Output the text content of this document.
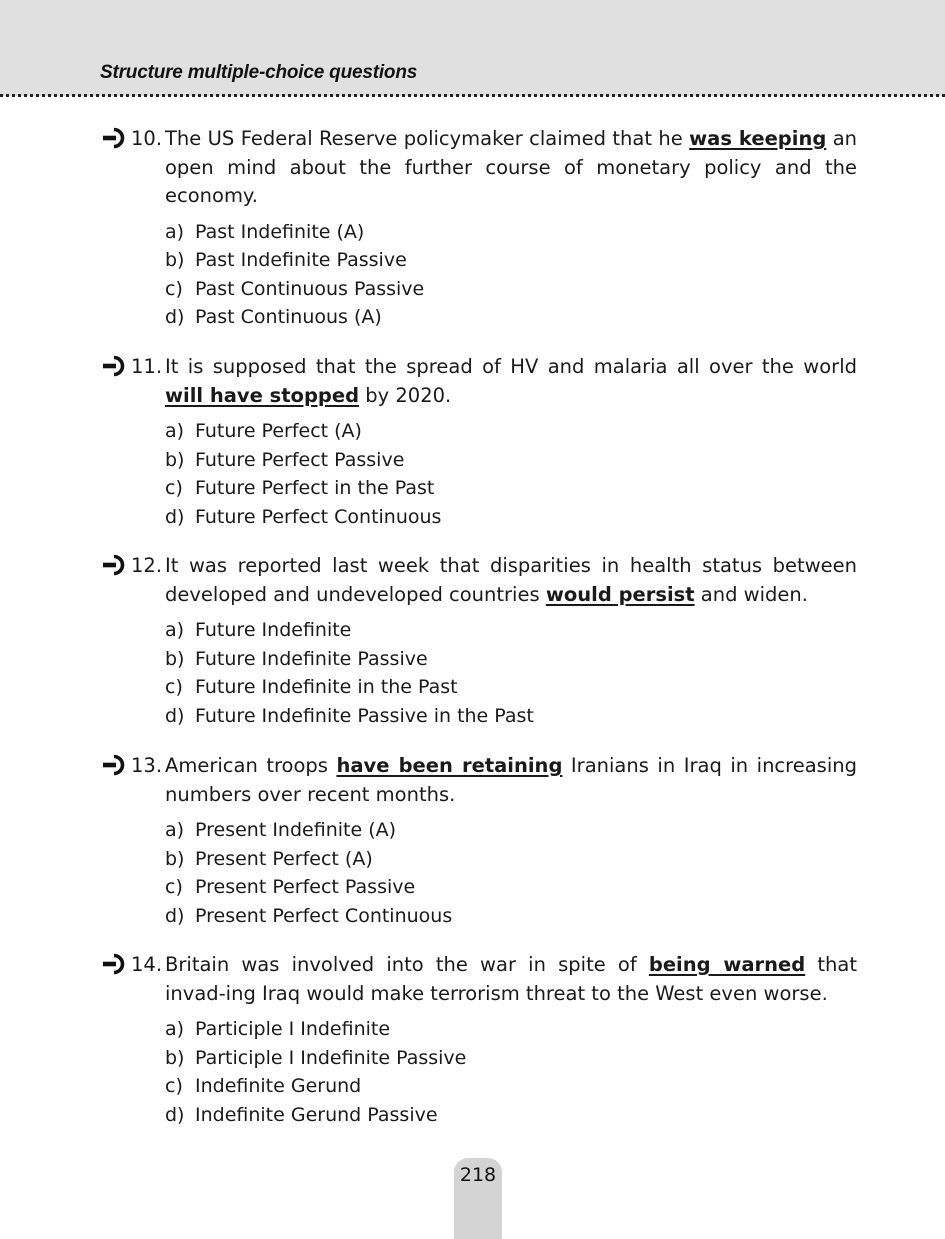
Structure multiple-choice questions
10. The US Federal Reserve policymaker claimed that he was keeping an open mind about the further course of monetary policy and the economy.
a) Past Indefinite (A)
b) Past Indefinite Passive
c) Past Continuous Passive
d) Past Continuous (A)
11. It is supposed that the spread of HV and malaria all over the world will have stopped by 2020.
a) Future Perfect (A)
b) Future Perfect Passive
c) Future Perfect in the Past
d) Future Perfect Continuous
12. It was reported last week that disparities in health status between developed and undeveloped countries would persist and widen.
a) Future Indefinite
b) Future Indefinite Passive
c) Future Indefinite in the Past
d) Future Indefinite Passive in the Past
13. American troops have been retaining Iranians in Iraq in increasing numbers over recent months.
a) Present Indefinite (A)
b) Present Perfect (A)
c) Present Perfect Passive
d) Present Perfect Continuous
14. Britain was involved into the war in spite of being warned that invad-ing Iraq would make terrorism threat to the West even worse.
a) Participle I Indefinite
b) Participle I Indefinite Passive
c) Indefinite Gerund
d) Indefinite Gerund Passive
218
